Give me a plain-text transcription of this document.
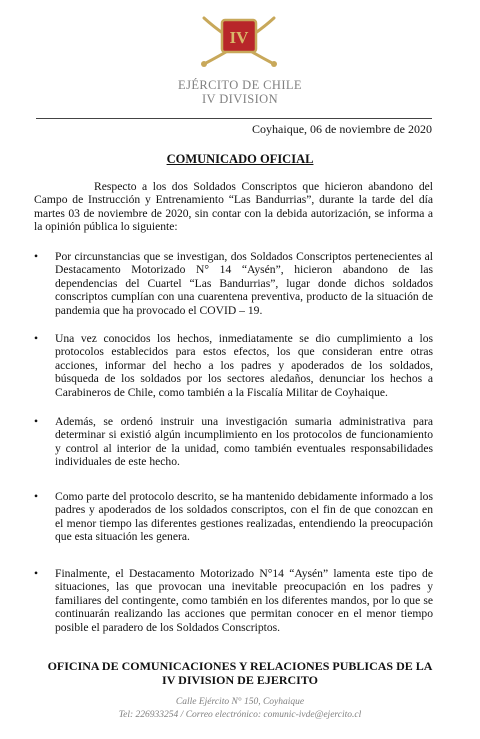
IV
EJÉRCITO DE CHILE
IV DIVISION
Coyhaique, 06 de noviembre de 2020
COMUNICADO OFICIAL

Respecto a los dos Soldados Conscriptos que hicieron abandono del Campo de Instrucción y Entrenamiento “Las Bandurrias”, durante la tarde del día martes 03 de noviembre de 2020, sin contar con la debida autorización, se informa a la opinión pública lo siguiente:

•	Por circunstancias que se investigan, dos Soldados Conscriptos pertenecientes al Destacamento Motorizado N° 14 “Aysén”, hicieron abandono de las dependencias del Cuartel “Las Bandurrias”, lugar donde dichos soldados conscriptos cumplían con una cuarentena preventiva, producto de la situación de pandemia que ha provocado el COVID – 19.
•	Una vez conocidos los hechos, inmediatamente se dio cumplimiento a los protocolos establecidos para estos efectos, los que consideran entre otras acciones, informar del hecho a los padres y apoderados de los soldados, búsqueda de los soldados por los sectores aledaños, denunciar los hechos a Carabineros de Chile, como también a la Fiscalía Militar de Coyhaique.
•	Además, se ordenó instruir una investigación sumaria administrativa para determinar si existió algún incumplimiento en los protocolos de funcionamiento y control al interior de la unidad, como también eventuales responsabilidades individuales de este hecho.
•	Como parte del protocolo descrito, se ha mantenido debidamente informado a los padres y apoderados de los soldados conscriptos, con el fin de que conozcan en el menor tiempo las diferentes gestiones realizadas, entendiendo la preocupación que esta situación les genera.
•	Finalmente, el Destacamento Motorizado N°14 “Aysén” lamenta este tipo de situaciones, las que provocan una inevitable preocupación en los padres y familiares del contingente, como también en los diferentes mandos, por lo que se continuarán realizando las acciones que permitan conocer en el menor tiempo posible el paradero de los Soldados Conscriptos.
OFICINA DE COMUNICACIONES Y RELACIONES PUBLICAS DE LA
IV DIVISION DE EJERCITO
Calle Ejército N° 150, Coyhaique
Tel: 226933254 / Correo electrónico: comunic-ivde@ejercito.cl
